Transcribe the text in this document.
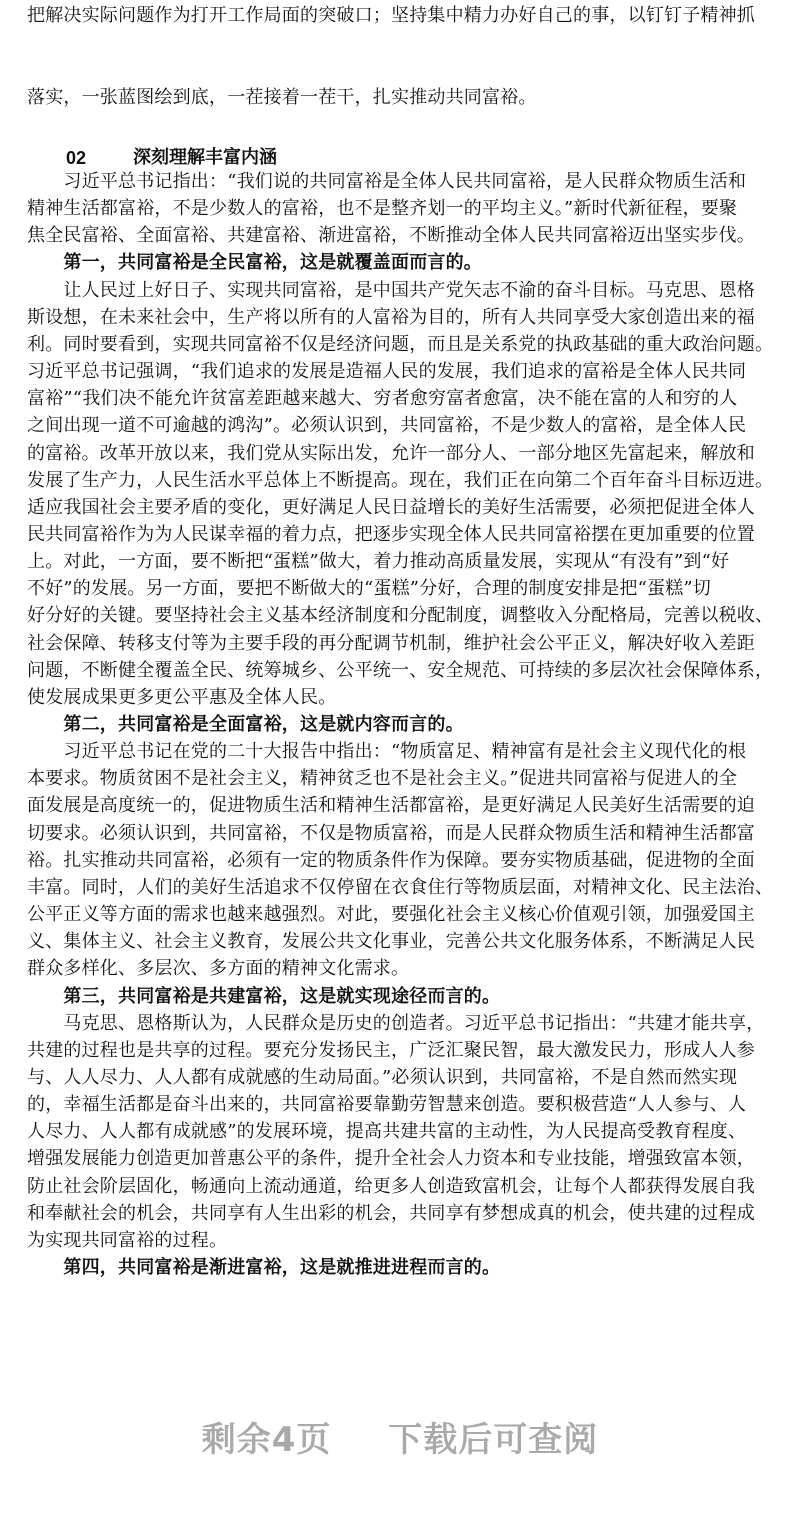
把解决实际问题作为打开工作局面的突破口；坚持集中精力办好自己的事，以钉钉子精神抓
落实，一张蓝图绘到底，一茬接着一茬干，扎实推动共同富裕。
02	深刻理解丰富内涵
　　习近平总书记指出：“我们说的共同富裕是全体人民共同富裕，是人民群众物质生活和
精神生活都富裕，不是少数人的富裕，也不是整齐划一的平均主义。”新时代新征程，要聚
焦全民富裕、全面富裕、共建富裕、渐进富裕，不断推动全体人民共同富裕迈出坚实步伐。
　　第一，共同富裕是全民富裕，这是就覆盖面而言的。
　　让人民过上好日子、实现共同富裕，是中国共产党矢志不渝的奋斗目标。马克思、恩格
斯设想，在未来社会中，生产将以所有的人富裕为目的，所有人共同享受大家创造出来的福
利。同时要看到，实现共同富裕不仅是经济问题，而且是关系党的执政基础的重大政治问题。
习近平总书记强调，“我们追求的发展是造福人民的发展，我们追求的富裕是全体人民共同
富裕”“我们决不能允许贫富差距越来越大、穷者愈穷富者愈富，决不能在富的人和穷的人
之间出现一道不可逾越的鸿沟”。必须认识到，共同富裕，不是少数人的富裕，是全体人民
的富裕。改革开放以来，我们党从实际出发，允许一部分人、一部分地区先富起来，解放和
发展了生产力，人民生活水平总体上不断提高。现在，我们正在向第二个百年奋斗目标迈进。
适应我国社会主要矛盾的变化，更好满足人民日益增长的美好生活需要，必须把促进全体人
民共同富裕作为为人民谋幸福的着力点，把逐步实现全体人民共同富裕摆在更加重要的位置
上。对此，一方面，要不断把“蛋糕”做大，着力推动高质量发展，实现从“有没有”到“好
不好”的发展。另一方面，要把不断做大的“蛋糕”分好，合理的制度安排是把“蛋糕”切
好分好的关键。要坚持社会主义基本经济制度和分配制度，调整收入分配格局，完善以税收、
社会保障、转移支付等为主要手段的再分配调节机制，维护社会公平正义，解决好收入差距
问题，不断健全覆盖全民、统筹城乡、公平统一、安全规范、可持续的多层次社会保障体系，
使发展成果更多更公平惠及全体人民。
　　第二，共同富裕是全面富裕，这是就内容而言的。
　　习近平总书记在党的二十大报告中指出：“物质富足、精神富有是社会主义现代化的根
本要求。物质贫困不是社会主义，精神贫乏也不是社会主义。”促进共同富裕与促进人的全
面发展是高度统一的，促进物质生活和精神生活都富裕，是更好满足人民美好生活需要的迫
切要求。必须认识到，共同富裕，不仅是物质富裕，而是人民群众物质生活和精神生活都富
裕。扎实推动共同富裕，必须有一定的物质条件作为保障。要夯实物质基础，促进物的全面
丰富。同时，人们的美好生活追求不仅停留在衣食住行等物质层面，对精神文化、民主法治、
公平正义等方面的需求也越来越强烈。对此，要强化社会主义核心价值观引领，加强爱国主
义、集体主义、社会主义教育，发展公共文化事业，完善公共文化服务体系，不断满足人民
群众多样化、多层次、多方面的精神文化需求。
　　第三，共同富裕是共建富裕，这是就实现途径而言的。
　　马克思、恩格斯认为，人民群众是历史的创造者。习近平总书记指出：“共建才能共享，
共建的过程也是共享的过程。要充分发扬民主，广泛汇聚民智，最大激发民力，形成人人参
与、人人尽力、人人都有成就感的生动局面。”必须认识到，共同富裕，不是自然而然实现
的，幸福生活都是奋斗出来的，共同富裕要靠勤劳智慧来创造。要积极营造“人人参与、人
人尽力、人人都有成就感”的发展环境，提高共建共富的主动性，为人民提高受教育程度、
增强发展能力创造更加普惠公平的条件，提升全社会人力资本和专业技能，增强致富本领，
防止社会阶层固化，畅通向上流动通道，给更多人创造致富机会，让每个人都获得发展自我
和奉献社会的机会，共同享有人生出彩的机会，共同享有梦想成真的机会，使共建的过程成
为实现共同富裕的过程。
　　第四，共同富裕是渐进富裕，这是就推进进程而言的。
剩余4页 下载后可查阅
